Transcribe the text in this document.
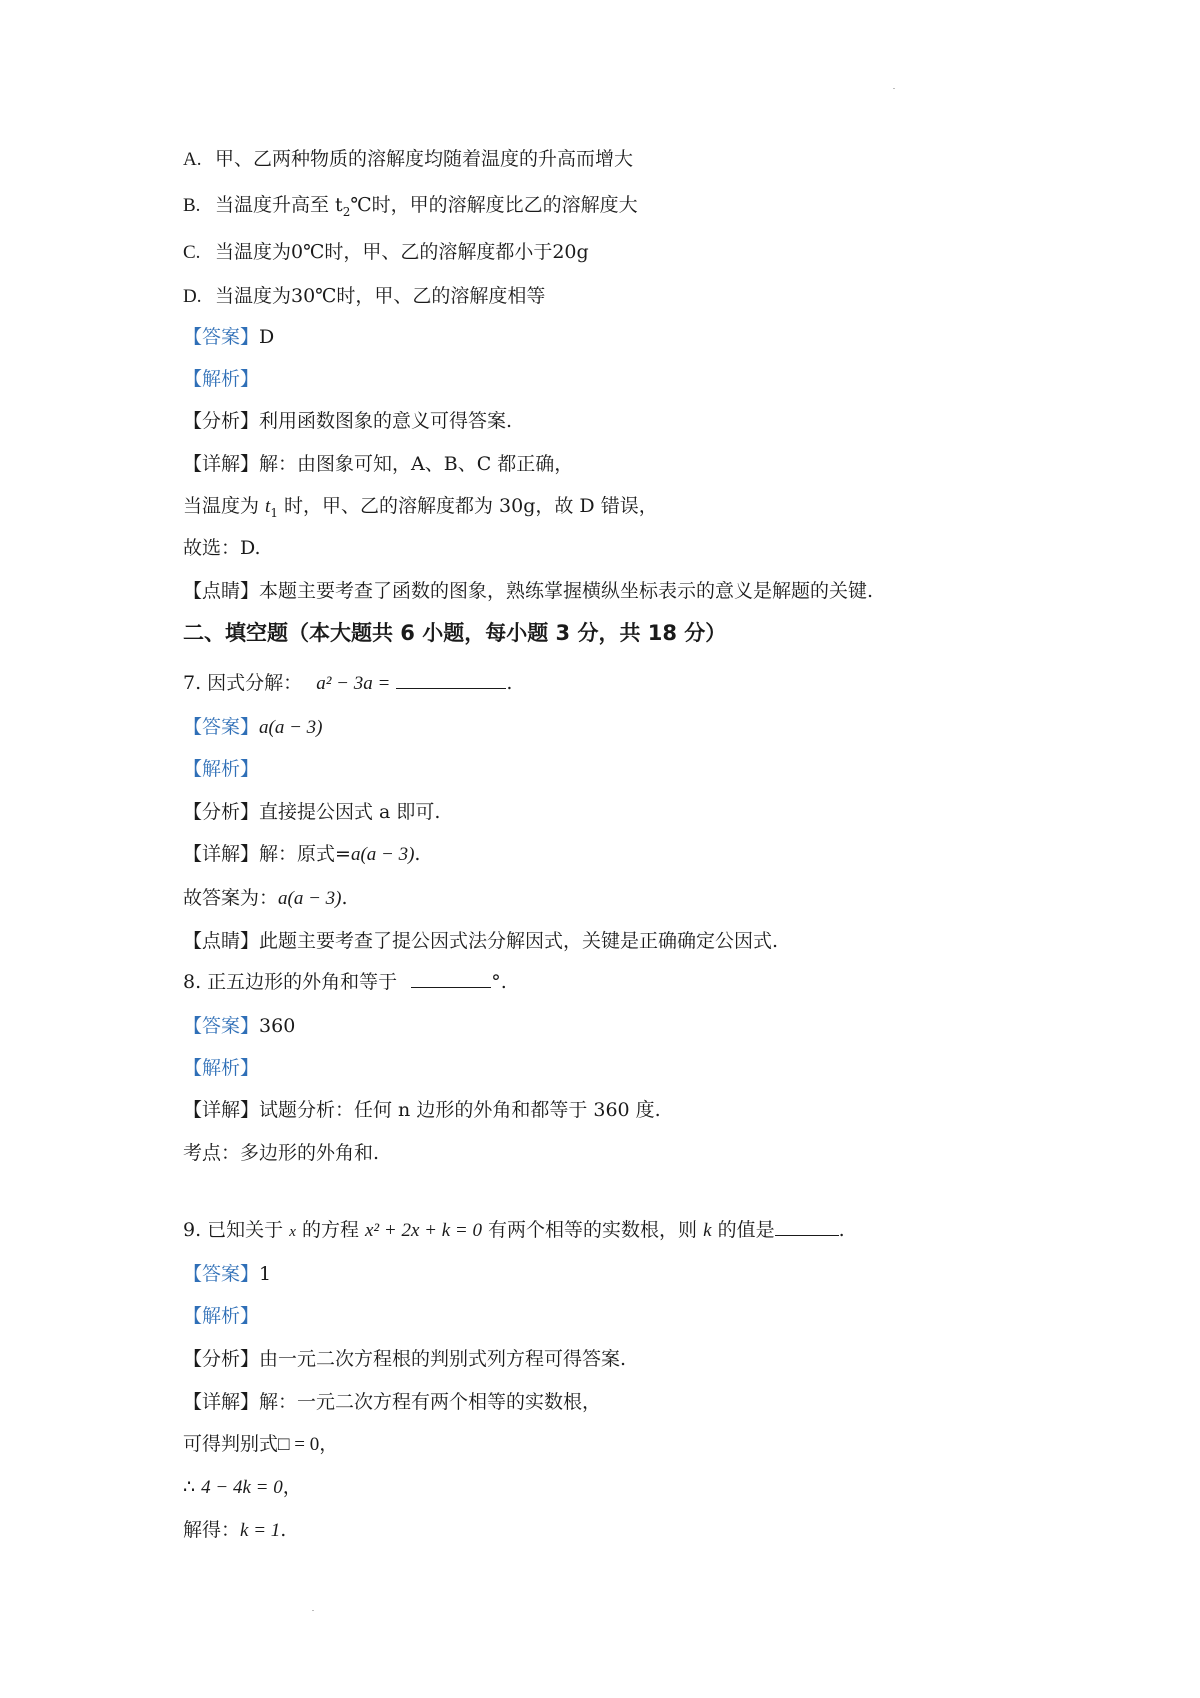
A. 甲、乙两种物质的溶解度均随着温度的升高而增大
B. 当温度升高至 $t_2℃$时，甲的溶解度比乙的溶解度大
C. 当温度为0℃时，甲、乙的溶解度都小于20g
D. 当温度为30℃时，甲、乙的溶解度相等
【答案】D
【解析】
【分析】利用函数图象的意义可得答案.
【详解】解：由图象可知，A、B、C 都正确，
当温度为 $t_1$ 时，甲、乙的溶解度都为 30g，故 D 错误，
故选：D.
【点睛】本题主要考查了函数的图象，熟练掌握横纵坐标表示的意义是解题的关键.
二、填空题（本大题共 6 小题，每小题 3 分，共 18 分）
7. 因式分解： a² − 3a =	.
【答案】a(a − 3)
【解析】
【分析】直接提公因式 a 即可.
【详解】解：原式=a(a − 3).
故答案为：a(a − 3).
【点睛】此题主要考查了提公因式法分解因式，关键是正确确定公因式.
8. 正五边形的外角和等于	°.
【答案】360
【解析】
【详解】试题分析：任何 n 边形的外角和都等于 360 度.
考点：多边形的外角和.
9. 已知关于 x 的方程 x² + 2x + k = 0 有两个相等的实数根，则 k 的值是	.
【答案】1
【解析】
【分析】由一元二次方程根的判别式列方程可得答案.
【详解】解：一元二次方程有两个相等的实数根，
可得判别式□ = 0，
∴ 4 − 4k = 0，
解得：k = 1.
